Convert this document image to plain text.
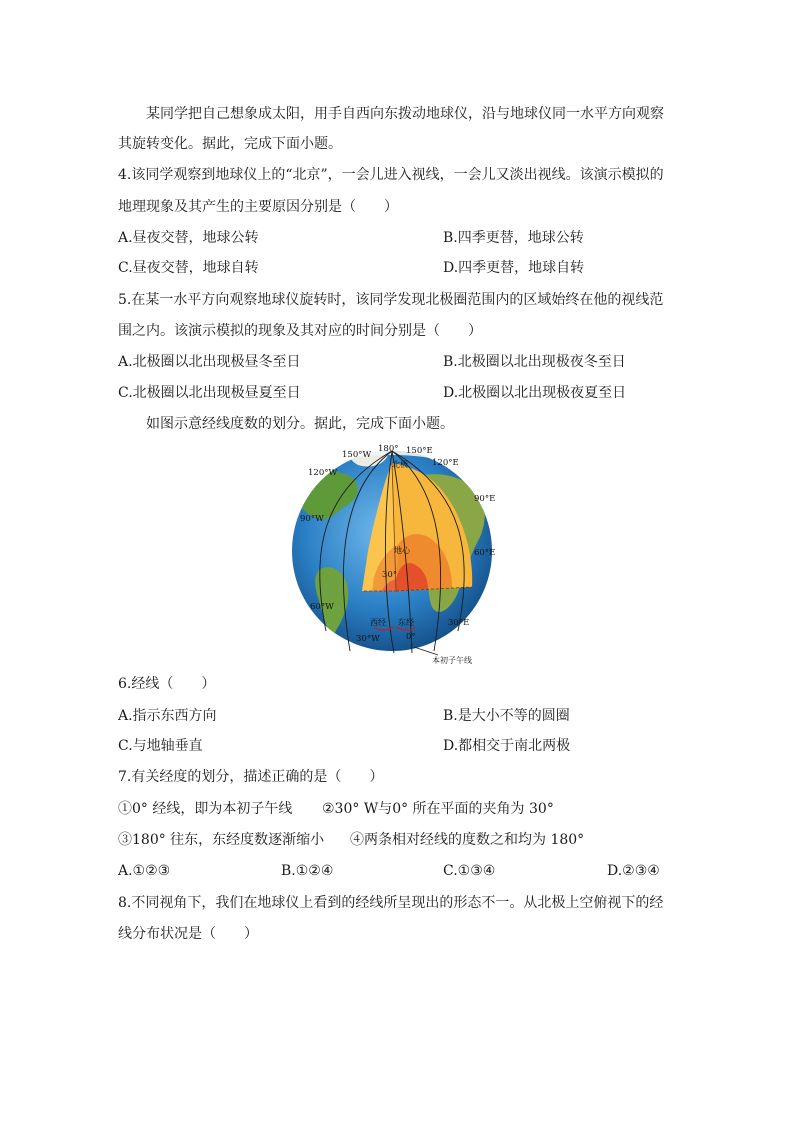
某同学把自己想象成太阳，用手自西向东拨动地球仪，沿与地球仪同一水平方向观察
其旋转变化。据此，完成下面小题。
4.该同学观察到地球仪上的“北京”，一会儿进入视线，一会儿又淡出视线。该演示模拟的
地理现象及其产生的主要原因分别是（　　）
A.昼夜交替，地球公转	B.四季更替，地球公转
C.昼夜交替，地球自转	D.四季更替，地球自转
5.在某一水平方向观察地球仪旋转时，该同学发现北极圈范围内的区域始终在他的视线范
围之内。该演示模拟的现象及其对应的时间分别是（　　）
A.北极圈以北出现极昼冬至日	B.北极圈以北出现极夜冬至日
C.北极圈以北出现极昼夏至日	D.北极圈以北出现极夜夏至日
如图示意经线度数的划分。据此，完成下面小题。
180°
150°W	150°E
120°W
120°E
90°W
90°E
60°W
60°E
30°W
30°E
0°
30°
北极
地心
西经 东经
本初子午线
6.经线（　　）
A.指示东西方向	B.是大小不等的圆圈
C.与地轴垂直	D.都相交于南北两极
7.有关经度的划分，描述正确的是（　　）
①0° 经线，即为本初子午线 ②30° W与0° 所在平面的夹角为 30°
③180° 往东，东经度数逐渐缩小 ④两条相对经线的度数之和均为 180°
A.①②③	B.①②④	C.①③④	D.②③④
8.不同视角下，我们在地球仪上看到的经线所呈现出的形态不一。从北极上空俯视下的经
线分布状况是（　　）
